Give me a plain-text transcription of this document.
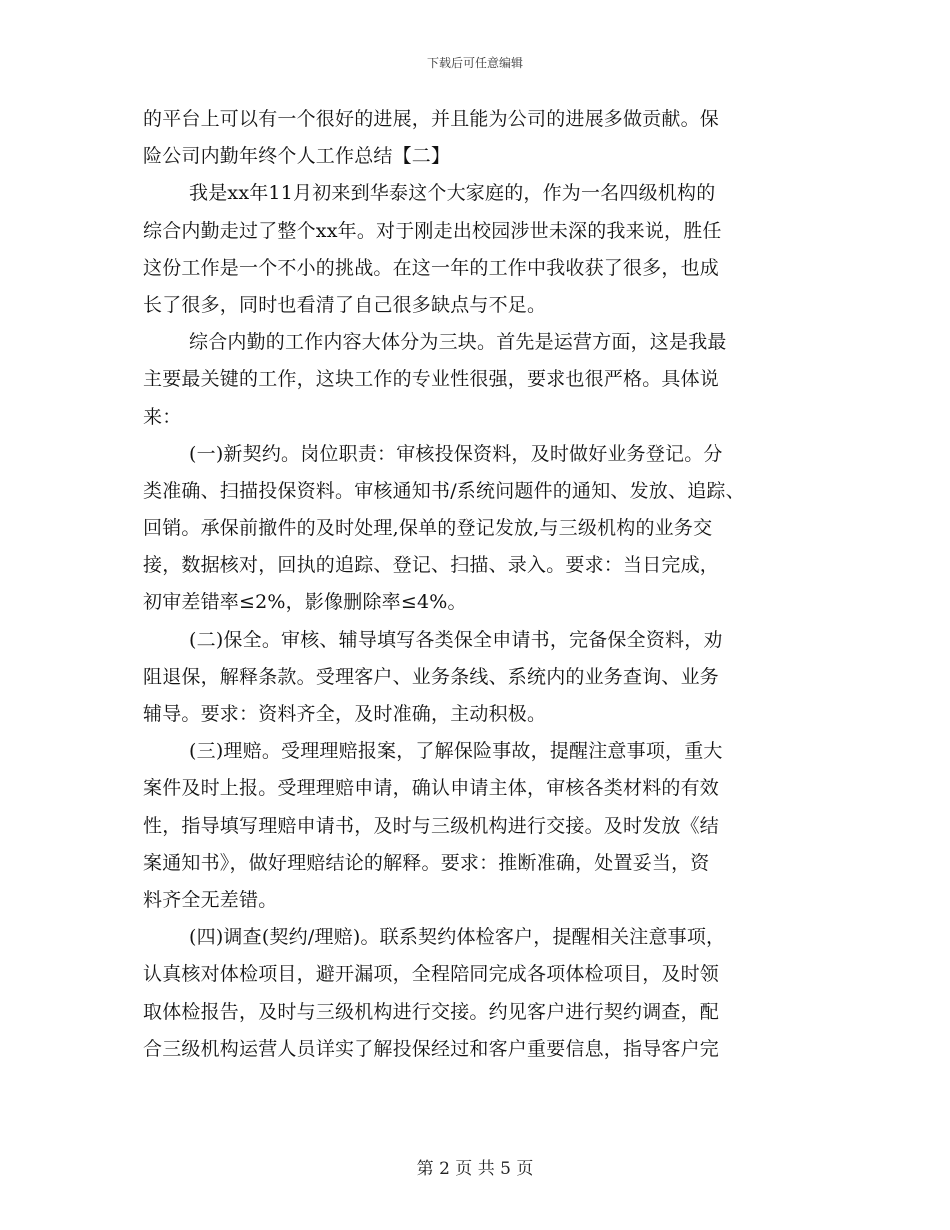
下载后可任意编辑
的平台上可以有一个很好的进展，并且能为公司的进展多做贡献。保
险公司内勤年终个人工作总结【二】
我是xx年11月初来到华泰这个大家庭的，作为一名四级机构的
综合内勤走过了整个xx年。对于刚走出校园涉世未深的我来说，胜任
这份工作是一个不小的挑战。在这一年的工作中我收获了很多，也成
长了很多，同时也看清了自己很多缺点与不足。
综合内勤的工作内容大体分为三块。首先是运营方面，这是我最
主要最关键的工作，这块工作的专业性很强，要求也很严格。具体说
来：
(一)新契约。岗位职责：审核投保资料，及时做好业务登记。分
类准确、扫描投保资料。审核通知书/系统问题件的通知、发放、追踪、
回销。承保前撤件的及时处理,保单的登记发放,与三级机构的业务交
接，数据核对，回执的追踪、登记、扫描、录入。要求：当日完成，
初审差错率≤2%，影像删除率≤4%。
(二)保全。审核、辅导填写各类保全申请书，完备保全资料，劝
阻退保，解释条款。受理客户、业务条线、系统内的业务查询、业务
辅导。要求：资料齐全，及时准确，主动积极。
(三)理赔。受理理赔报案，了解保险事故，提醒注意事项，重大
案件及时上报。受理理赔申请，确认申请主体，审核各类材料的有效
性，指导填写理赔申请书，及时与三级机构进行交接。及时发放《结
案通知书》，做好理赔结论的解释。要求：推断准确，处置妥当，资
料齐全无差错。
(四)调查(契约/理赔)。联系契约体检客户，提醒相关注意事项，
认真核对体检项目，避开漏项，全程陪同完成各项体检项目，及时领
取体检报告，及时与三级机构进行交接。约见客户进行契约调查，配
合三级机构运营人员详实了解投保经过和客户重要信息，指导客户完
第 2 页 共 5 页
